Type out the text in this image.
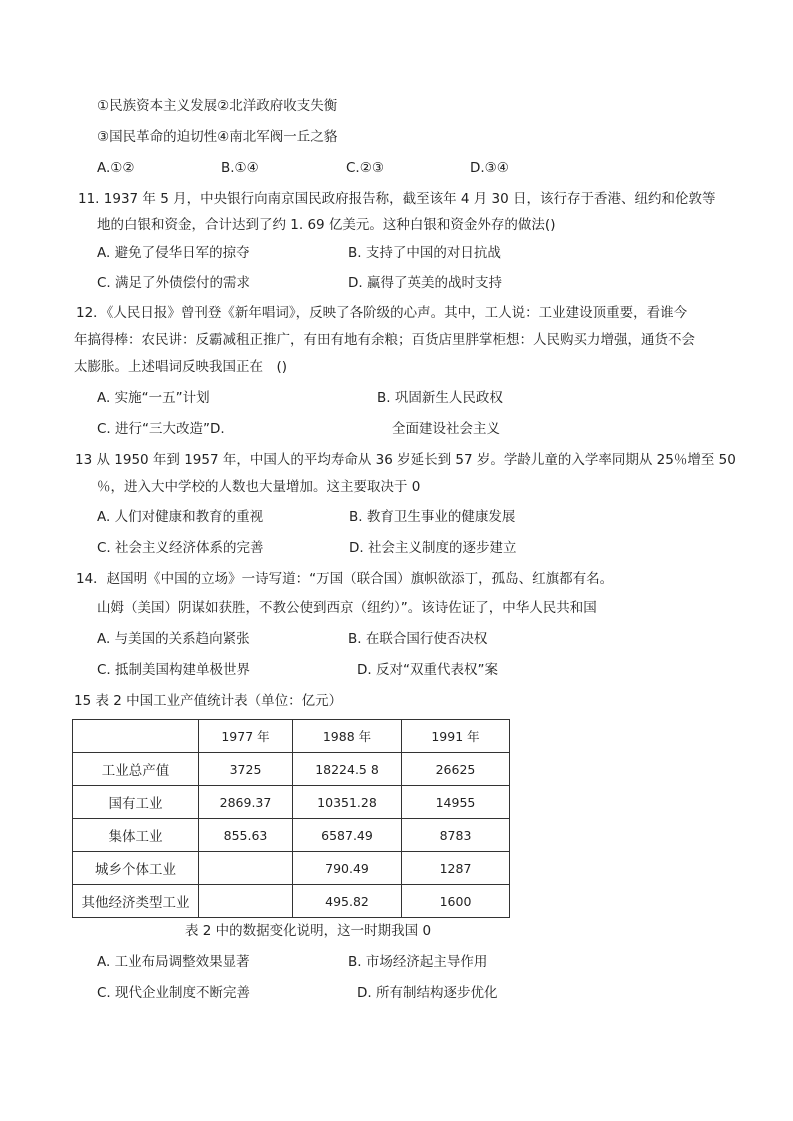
①民族资本主义发展②北洋政府收支失衡
③国民革命的迫切性④南北军阀一丘之貉
A.①②	B.①④	C.②③	D.③④
11. 1937 年 5 月，中央银行向南京国民政府报告称，截至该年 4 月 30 日，该行存于香港、纽约和伦敦等
地的白银和资金，合计达到了约 1. 69 亿美元。这种白银和资金外存的做法()
A. 避免了侵华日军的掠夺	B. 支持了中国的对日抗战
C. 满足了外债偿付的需求	D. 赢得了英美的战时支持
12．《人民日报》曾刊登《新年唱词》，反映了各阶级的心声。其中，工人说：工业建设顶重要，看谁今
年搞得棒：农民讲：反霸减租正推广，有田有地有余粮；百货店里胖掌柜想：人民购买力增强，通货不会
太膨胀。上述唱词反映我国正在　()
A. 实施“一五”计划	B. 巩固新生人民政权
C. 进行“三大改造”D.	全面建设社会主义
13 从 1950 年到 1957 年，中国人的平均寿命从 36 岁延长到 57 岁。学龄儿童的入学率同期从 25％增至 50
％，进入大中学校的人数也大量增加。这主要取决于 0
A. 人们对健康和教育的重视	B. 教育卫生事业的健康发展
C. 社会主义经济体系的完善	D. 社会主义制度的逐步建立
14．赵国明《中国的立场》一诗写道：“万国（联合国）旗帜欲添丁，孤岛、红旗都有名。
山姆（美国）阴谋如获胜，不教公使到西京（纽约）”。该诗佐证了，中华人民共和国
A. 与美国的关系趋向紧张	B. 在联合国行使否决权
C. 抵制美国构建单极世界	D. 反对“双重代表权”案
15 表 2 中国工业产值统计表（单位：亿元）
	1977 年	1988 年	1991 年
工业总产值	3725	18224.5 8	26625
国有工业	2869.37	10351.28	14955
集体工业	855.63	6587.49	8783
城乡个体工业		790.49	1287
其他经济类型工业		495.82	1600
表 2 中的数据变化说明，这一时期我国 0
A. 工业布局调整效果显著	B. 市场经济起主导作用
C. 现代企业制度不断完善	D. 所有制结构逐步优化
